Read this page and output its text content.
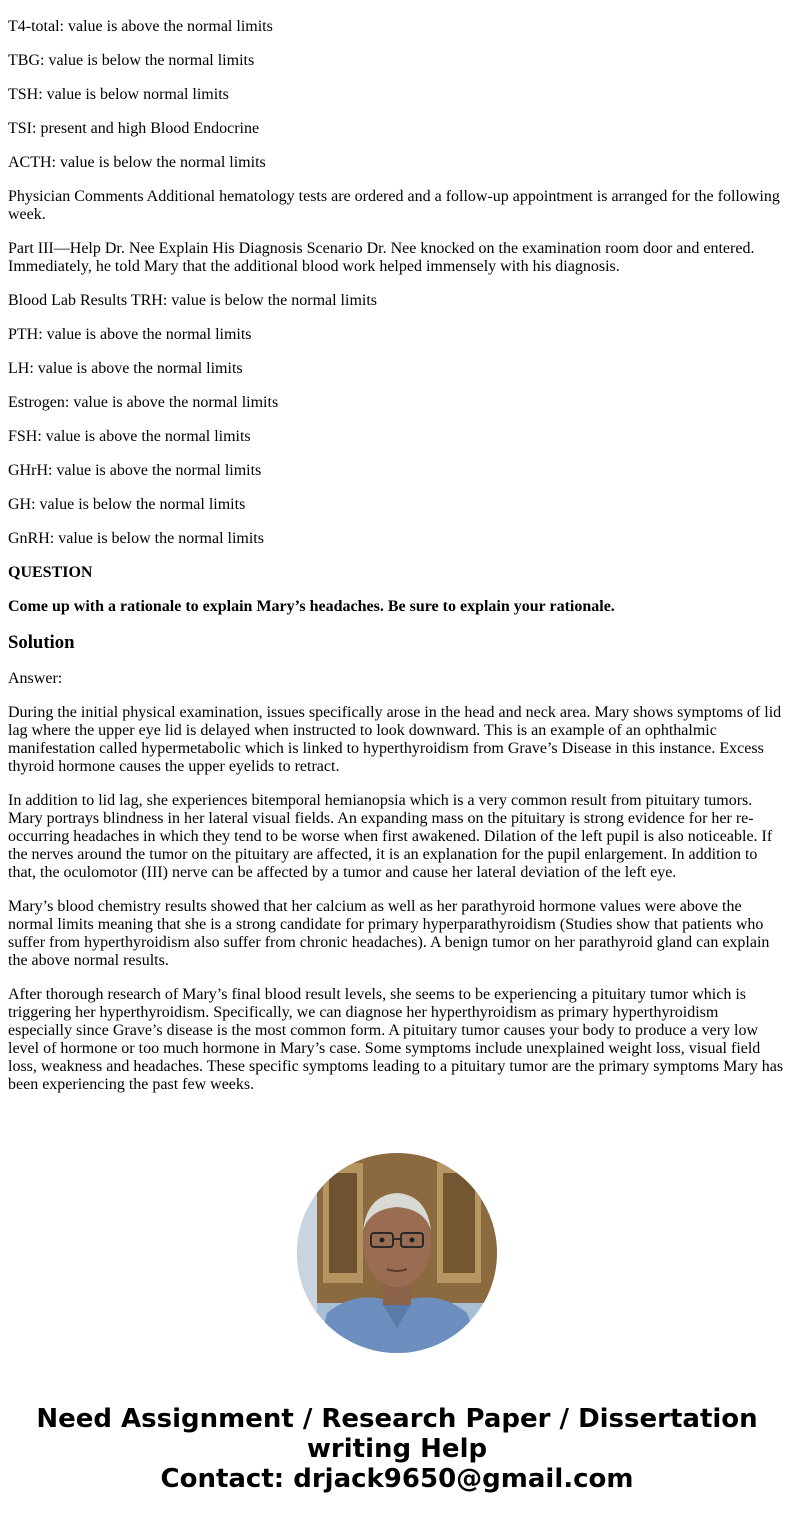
T4-total: value is above the normal limits

TBG: value is below the normal limits

TSH: value is below normal limits

TSI: present and high Blood Endocrine

ACTH: value is below the normal limits

Physician Comments Additional hematology tests are ordered and a follow-up appointment is arranged for the following week.

Part III—Help Dr. Nee Explain His Diagnosis Scenario Dr. Nee knocked on the examination room door and entered. Immediately, he told Mary that the additional blood work helped immensely with his diagnosis.

Blood Lab Results TRH: value is below the normal limits

PTH: value is above the normal limits

LH: value is above the normal limits

Estrogen: value is above the normal limits

FSH: value is above the normal limits

GHrH: value is above the normal limits

GH: value is below the normal limits

GnRH: value is below the normal limits

QUESTION

Come up with a rationale to explain Mary’s headaches. Be sure to explain your rationale.

Solution

Answer:

During the initial physical examination, issues specifically arose in the head and neck area. Mary shows symptoms of lid lag where the upper eye lid is delayed when instructed to look downward. This is an example of an ophthalmic manifestation called hypermetabolic which is linked to hyperthyroidism from Grave’s Disease in this instance. Excess thyroid hormone causes the upper eyelids to retract.

In addition to lid lag, she experiences bitemporal hemianopsia which is a very common result from pituitary tumors. Mary portrays blindness in her lateral visual fields. An expanding mass on the pituitary is strong evidence for her re-occurring headaches in which they tend to be worse when first awakened. Dilation of the left pupil is also noticeable. If the nerves around the tumor on the pituitary are affected, it is an explanation for the pupil enlargement. In addition to that, the oculomotor (III) nerve can be affected by a tumor and cause her lateral deviation of the left eye.

Mary’s blood chemistry results showed that her calcium as well as her parathyroid hormone values were above the normal limits meaning that she is a strong candidate for primary hyperparathyroidism (Studies show that patients who suffer from hyperthyroidism also suffer from chronic headaches). A benign tumor on her parathyroid gland can explain the above normal results.

After thorough research of Mary’s final blood result levels, she seems to be experiencing a pituitary tumor which is triggering her hyperthyroidism. Specifically, we can diagnose her hyperthyroidism as primary hyperthyroidism especially since Grave’s disease is the most common form. A pituitary tumor causes your body to produce a very low level of hormone or too much hormone in Mary’s case. Some symptoms include unexplained weight loss, visual field loss, weakness and headaches. These specific symptoms leading to a pituitary tumor are the primary symptoms Mary has been experiencing the past few weeks.

Need Assignment / Research Paper / Dissertation
writing Help
Contact: drjack9650@gmail.com
